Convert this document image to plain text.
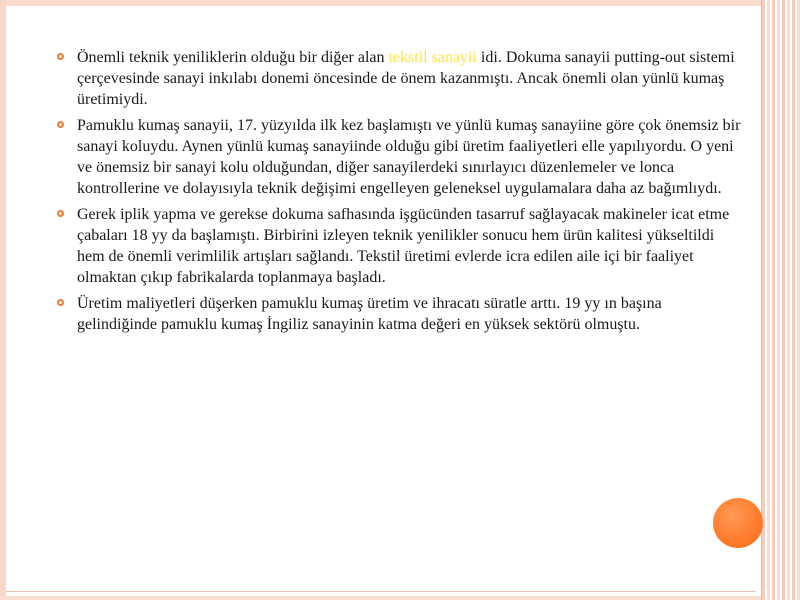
Önemli teknik yeniliklerin olduğu bir diğer alan tekstil sanayii idi. Dokuma sanayii putting-out sistemi çerçevesinde sanayi inkılabı donemi öncesinde de önem kazanmıştı. Ancak önemli olan yünlü kumaş üretimiydi.
Pamuklu kumaş sanayii, 17. yüzyılda ilk kez başlamıştı ve yünlü kumaş sanayiine göre çok önemsiz bir sanayi koluydu. Aynen yünlü kumaş sanayiinde olduğu gibi üretim faaliyetleri elle yapılıyordu. O yeni ve önemsiz bir sanayi kolu olduğundan, diğer sanayilerdeki sınırlayıcı düzenlemeler ve lonca kontrollerine ve dolayısıyla teknik değişimi engelleyen geleneksel uygulamalara daha az bağımlıydı.
Gerek iplik yapma ve gerekse dokuma safhasında işgücünden tasarruf sağlayacak makineler icat etme çabaları 18 yy da başlamıştı. Birbirini izleyen teknik yenilikler sonucu hem ürün kalitesi yükseltildi hem de önemli verimlilik artışları sağlandı. Tekstil üretimi evlerde icra edilen aile içi bir faaliyet olmaktan çıkıp fabrikalarda toplanmaya başladı.
Üretim maliyetleri düşerken pamuklu kumaş üretim ve ihracatı süratle arttı. 19 yy ın başına gelindiğinde pamuklu kumaş İngiliz sanayinin katma değeri en yüksek sektörü olmuştu.
